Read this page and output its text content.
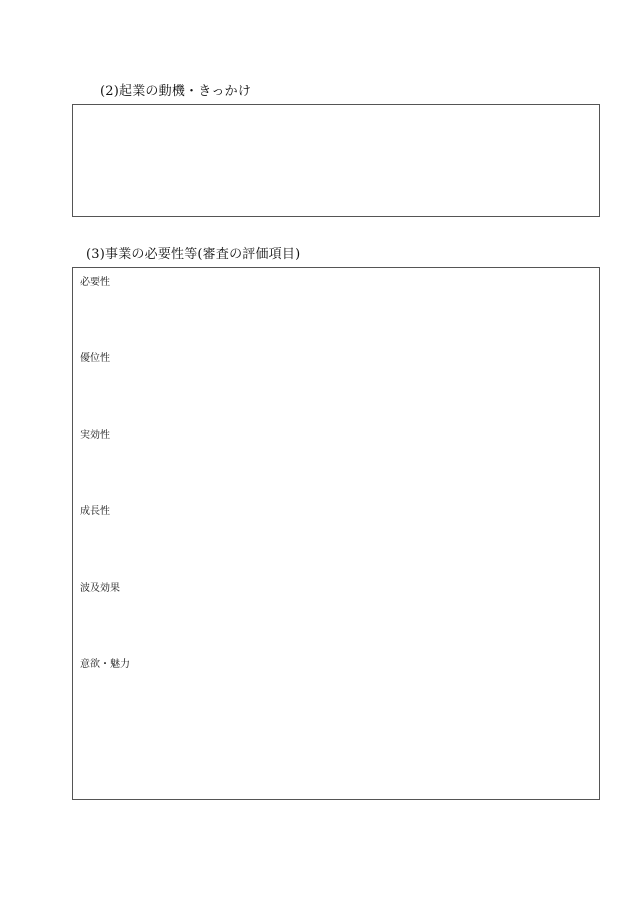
(2)起業の動機・きっかけ
(3)事業の必要性等(審査の評価項目)
必要性
優位性
実効性
成長性
波及効果
意欲・魅力
